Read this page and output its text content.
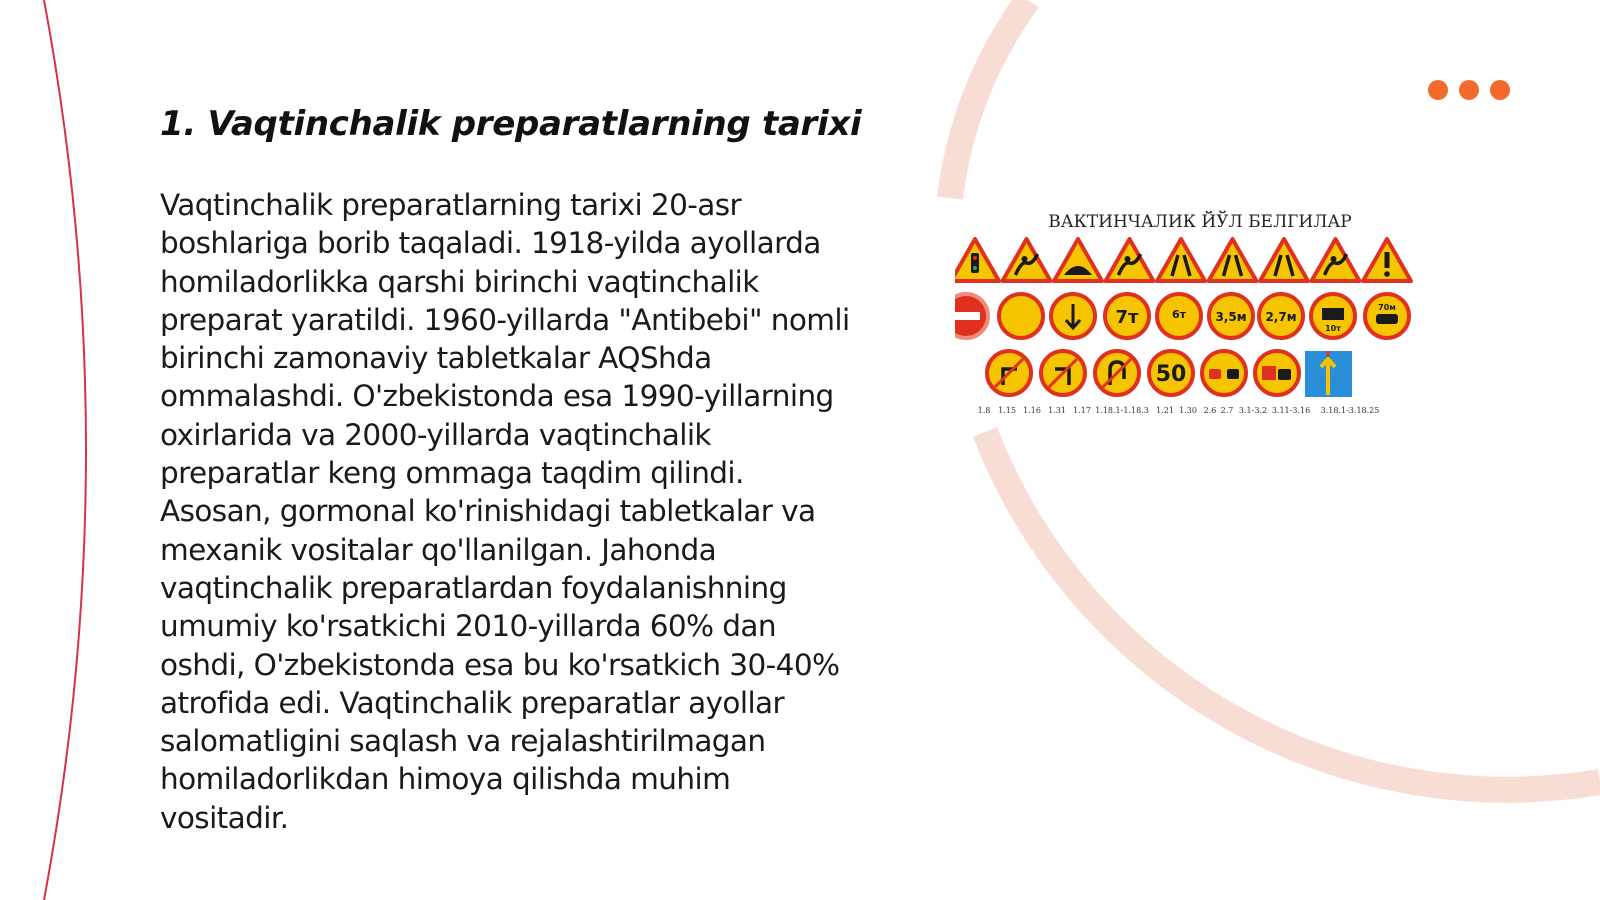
1. Vaqtinchalik preparatlarning tarixi

Vaqtinchalik preparatlarning tarixi 20-asr boshlariga borib taqaladi. 1918-yilda ayollarda homiladorlikka qarshi birinchi vaqtinchalik preparat yaratildi. 1960-yillarda "Antibebi" nomli birinchi zamonaviy tabletkalar AQShda ommalashdi. O'zbekistonda esa 1990-yillarning oxirlarida va 2000-yillarda vaqtinchalik preparatlar keng ommaga taqdim qilindi. Asosan, gormonal ko'rinishidagi tabletkalar va mexanik vositalar qo'llanilgan. Jahonda vaqtinchalik preparatlardan foydalanishning umumiy ko'rsatkichi 2010-yillarda 60% dan oshdi, O'zbekistonda esa bu ko'rsatkich 30-40% atrofida edi. Vaqtinchalik preparatlar ayollar salomatligini saqlash va rejalashtirilmagan homiladorlikdan himoya qilishda muhim vositadir.

ВАКТИНЧАЛИК ЙЎЛ БЕЛГИЛАР
7т	6т 3,5м 2,7м
10т
70м
50
1.8 1.15 1.16 1.31 1.17 1.18.1-1.18.3 1.21 1.30 2.6 2.7 3.1-3.2 3.11-3.16 3.18.1-3.18.25
